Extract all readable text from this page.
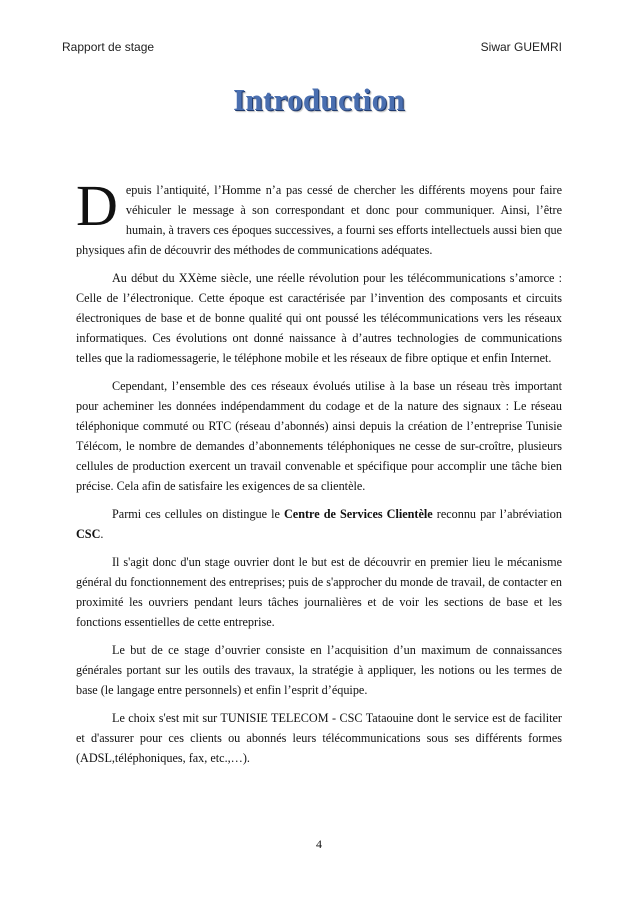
Rapport de stage	Siwar GUEMRI
Introduction

Depuis l’antiquité, l’Homme n’a pas cessé de chercher les différents moyens pour faire véhiculer le message à son correspondant et donc pour communiquer. Ainsi, l’être humain, à travers ces époques successives, a fourni ses efforts intellectuels aussi bien que physiques afin de découvrir des méthodes de communications adéquates.

Au début du XXème siècle, une réelle révolution pour les télécommunications s’amorce : Celle de l’électronique. Cette époque est caractérisée par l’invention des composants et circuits électroniques de base et de bonne qualité qui ont poussé les télécommunications vers les réseaux informatiques. Ces évolutions ont donné naissance à d’autres technologies de communications telles que la radiomessagerie, le téléphone mobile et les réseaux de fibre optique et enfin Internet.

Cependant, l’ensemble des ces réseaux évolués utilise à la base un réseau très important pour acheminer les données indépendamment du codage et de la nature des signaux : Le réseau téléphonique commuté ou RTC (réseau d’abonnés) ainsi depuis la création de l’entreprise Tunisie Télécom, le nombre de demandes d’abonnements téléphoniques ne cesse de sur-croître, plusieurs cellules de production exercent un travail convenable et spécifique pour accomplir une tâche bien précise. Cela afin de satisfaire les exigences de sa clientèle.

Parmi ces cellules on distingue le Centre de Services Clientèle reconnu par l’abréviation CSC.

Il s'agit donc d'un stage ouvrier dont le but est de découvrir en premier lieu le mécanisme général du fonctionnement des entreprises; puis de s'approcher du monde de travail, de contacter en proximité les ouvriers pendant leurs tâches journalières et de voir les sections de base et les fonctions essentielles de cette entreprise.

Le but de ce stage d’ouvrier consiste en l’acquisition d’un maximum de connaissances générales portant sur les outils des travaux, la stratégie à appliquer, les notions ou les termes de base (le langage entre personnels) et enfin l’esprit d’équipe.

Le choix s'est mit sur TUNISIE TELECOM - CSC Tataouine dont le service est de faciliter et d'assurer pour ces clients ou abonnés leurs télécommunications sous ses différents formes (ADSL,téléphoniques, fax, etc.,…).

4
